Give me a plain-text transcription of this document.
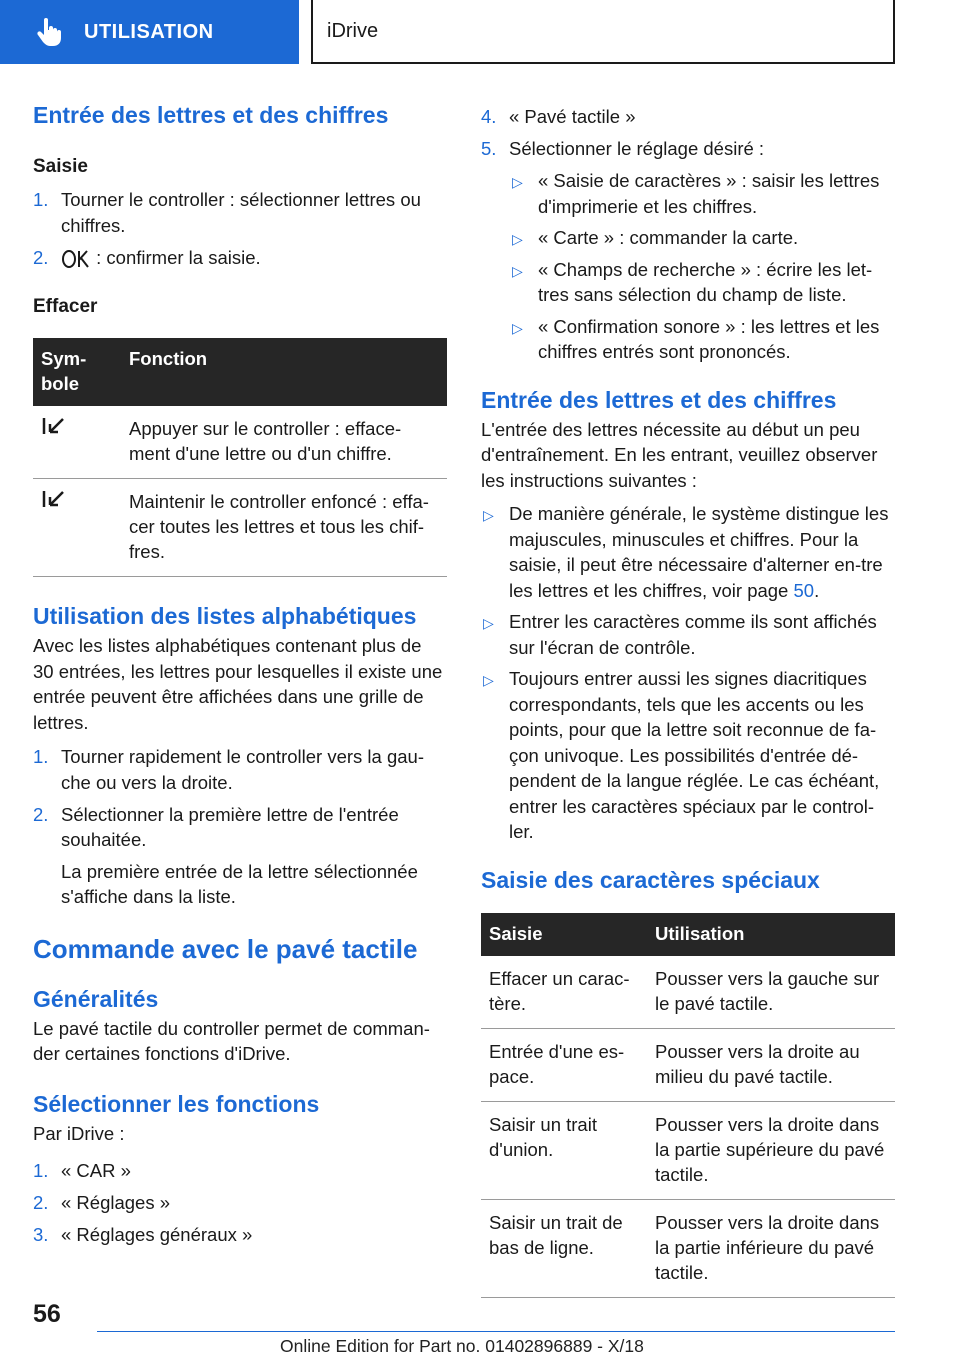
UTILISATION	iDrive
Entrée des lettres et des chiffres
Saisie
1. Tourner le controller : sélectionner lettres ou chiffres.
2. : confirmer la saisie.
Effacer
Sym-bole	Fonction
	Appuyer sur le controller : efface-ment d'une lettre ou d'un chiffre.
	Maintenir le controller enfoncé : effa-cer toutes les lettres et tous les chif-fres.
Utilisation des listes alphabétiques
Avec les listes alphabétiques contenant plus de 30 entrées, les lettres pour lesquelles il existe une entrée peuvent être affichées dans une grille de lettres.
1. Tourner rapidement le controller vers la gau-che ou vers la droite.
2. Sélectionner la première lettre de l'entrée souhaitée.
La première entrée de la lettre sélectionnée s'affiche dans la liste.
Commande avec le pavé tactile
Généralités
Le pavé tactile du controller permet de comman-der certaines fonctions d'iDrive.
Sélectionner les fonctions
Par iDrive :
1. « CAR »
2. « Réglages »
3. « Réglages généraux »
4. « Pavé tactile »
5. Sélectionner le réglage désiré :
▷ « Saisie de caractères » : saisir les lettres d'imprimerie et les chiffres.
▷ « Carte » : commander la carte.
▷ « Champs de recherche » : écrire les let-tres sans sélection du champ de liste.
▷ « Confirmation sonore » : les lettres et les chiffres entrés sont prononcés.
Entrée des lettres et des chiffres
L'entrée des lettres nécessite au début un peu d'entraînement. En les entrant, veuillez observer les instructions suivantes :
▷ De manière générale, le système distingue les majuscules, minuscules et chiffres. Pour la saisie, il peut être nécessaire d'alterner en-tre les lettres et les chiffres, voir page 50.
▷ Entrer les caractères comme ils sont affichés sur l'écran de contrôle.
▷ Toujours entrer aussi les signes diacritiques correspondants, tels que les accents ou les points, pour que la lettre soit reconnue de fa-çon univoque. Les possibilités d'entrée dé-pendent de la langue réglée. Le cas échéant, entrer les caractères spéciaux par le control-ler.
Saisie des caractères spéciaux
Saisie	Utilisation
Effacer un carac-tère.	Pousser vers la gauche sur le pavé tactile.
Entrée d'une es-pace.	Pousser vers la droite au milieu du pavé tactile.
Saisir un trait d'union.	Pousser vers la droite dans la partie supérieure du pavé tactile.
Saisir un trait de bas de ligne.	Pousser vers la droite dans la partie inférieure du pavé tactile.
56
Online Edition for Part no. 01402896889 - X/18
